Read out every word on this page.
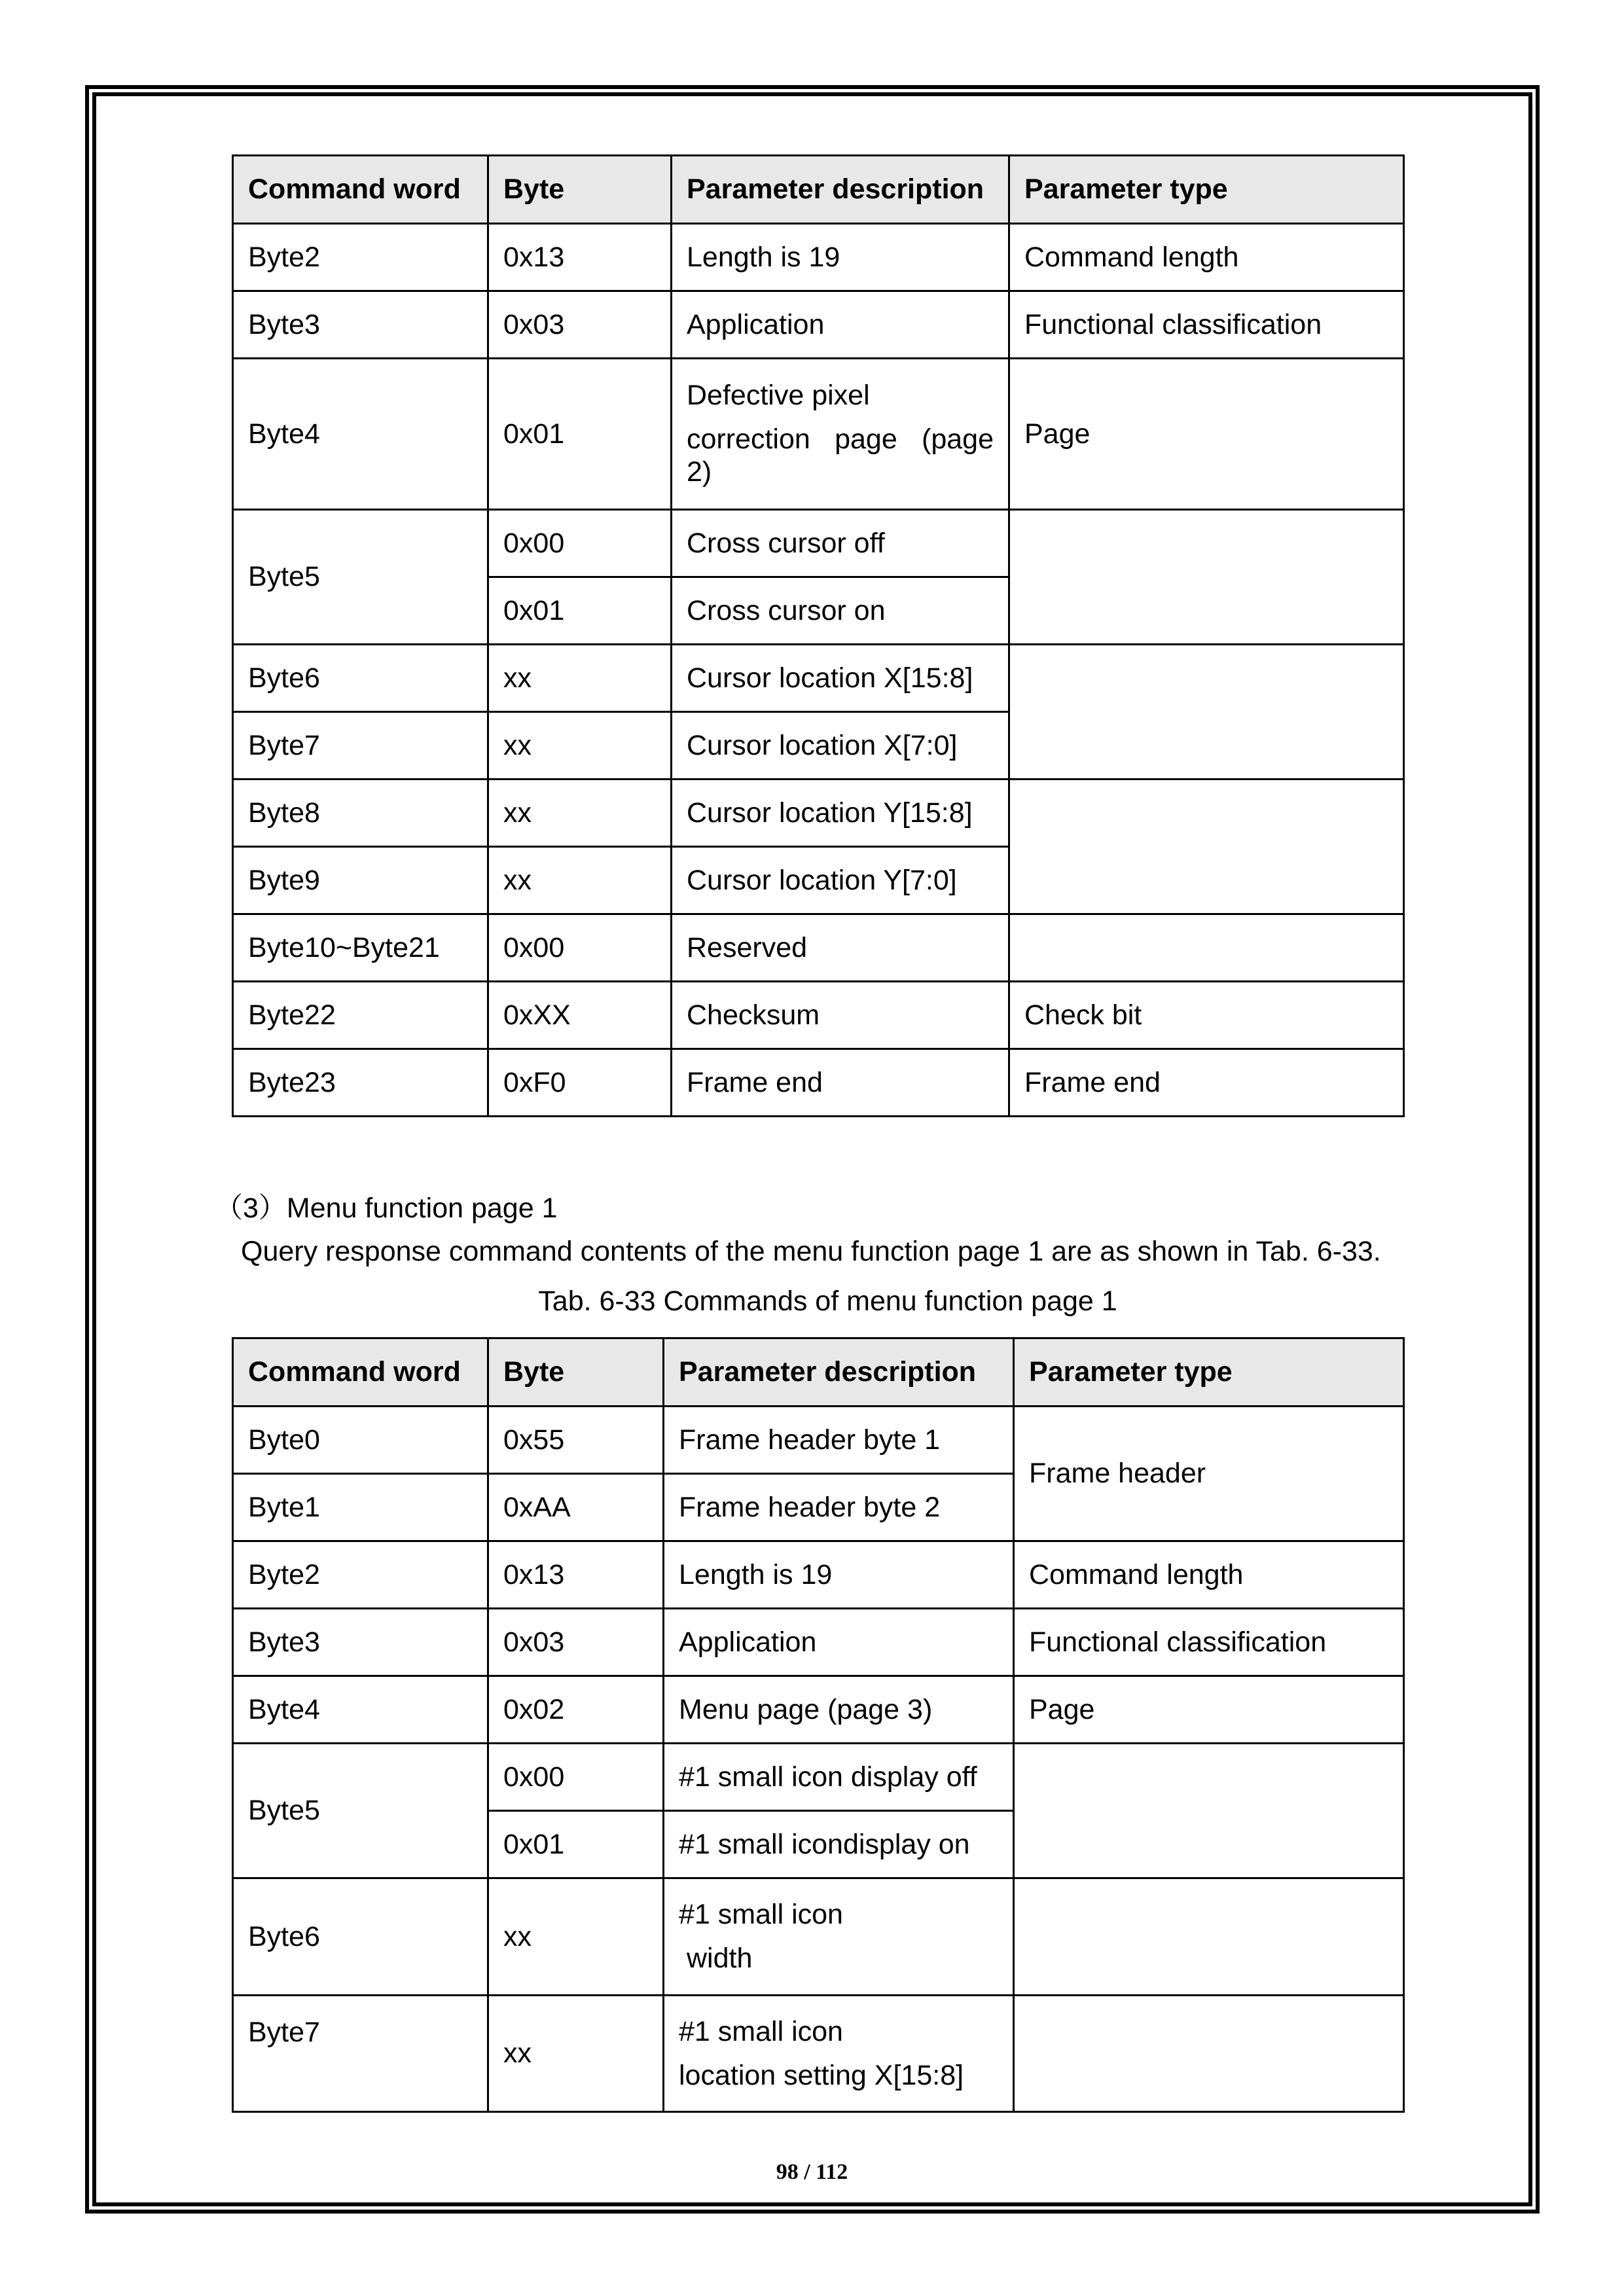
Command word	Byte	Parameter description	Parameter type
Byte2	0x13	Length is 19	Command length
Byte3	0x03	Application	Functional classification
Byte4	0x01	Defective pixel
correction page (page
2)	Page
Byte5	0x00	Cross cursor off	
	0x01	Cross cursor on	
Byte6	xx	Cursor location X[15:8]	
Byte7	xx	Cursor location X[7:0]	
Byte8	xx	Cursor location Y[15:8]	
Byte9	xx	Cursor location Y[7:0]	
Byte10~Byte21	0x00	Reserved	
Byte22	0xXX	Checksum	Check bit
Byte23	0xF0	Frame end	Frame end
（3）Menu function page 1
Query response command contents of the menu function page 1 are as shown in Tab. 6-33.
Tab. 6-33 Commands of menu function page 1
Command word	Byte	Parameter description	Parameter type
Byte0	0x55	Frame header byte 1	Frame header
Byte1	0xAA	Frame header byte 2	
Byte2	0x13	Length is 19	Command length
Byte3	0x03	Application	Functional classification
Byte4	0x02	Menu page (page 3)	Page
Byte5	0x00	#1 small icon display off	
	0x01	#1 small icondisplay on	
Byte6	xx	#1 small icon
width	

Byte7	xx	#1 small icon
location setting X[15:8]	

98 / 112
